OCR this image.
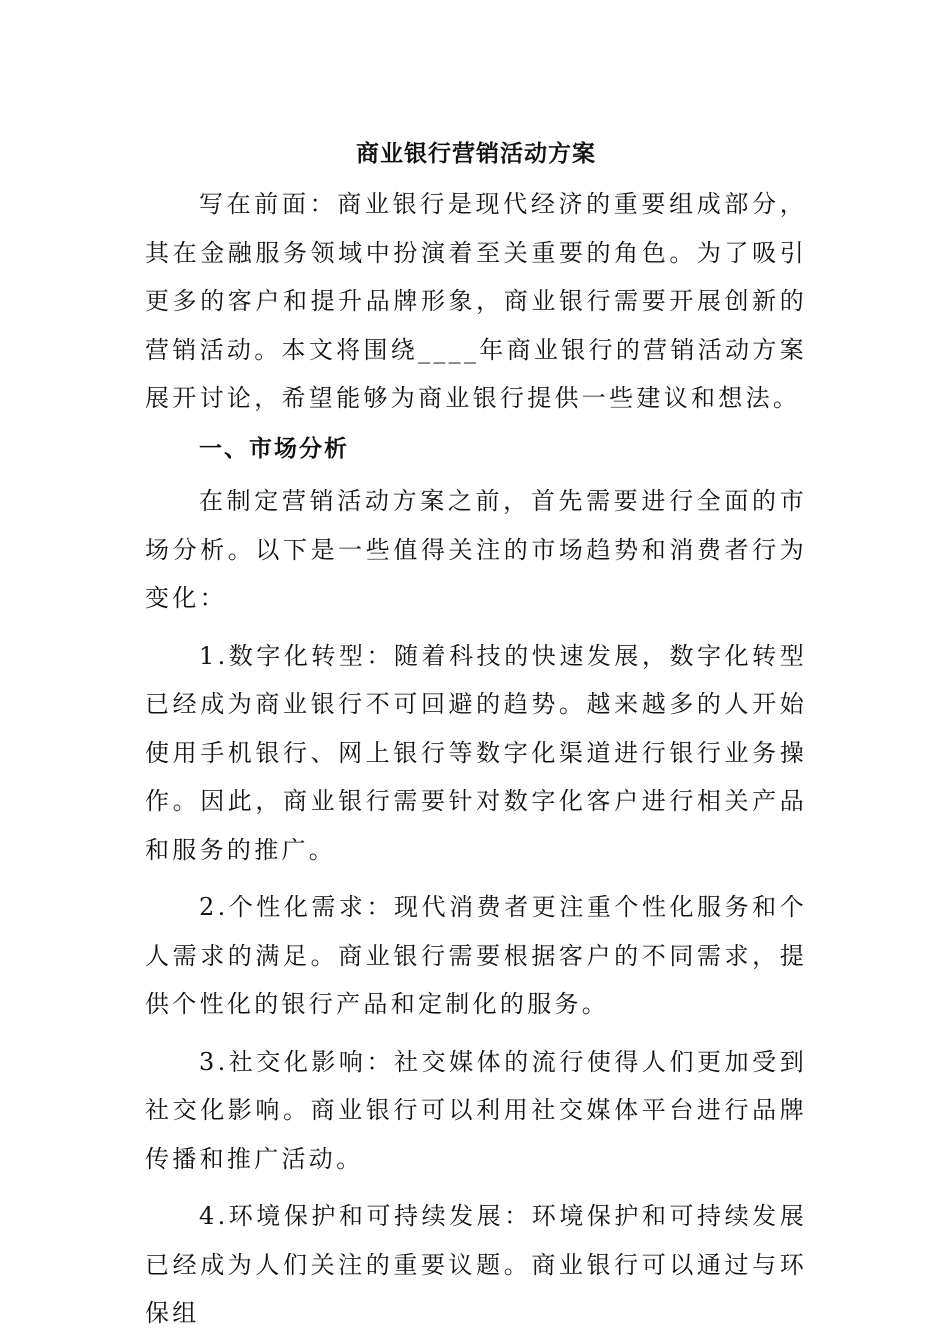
商业银行营销活动方案

写在前面：商业银行是现代经济的重要组成部分，其在金融服务领域中扮演着至关重要的角色。为了吸引更多的客户和提升品牌形象，商业银行需要开展创新的营销活动。本文将围绕____年商业银行的营销活动方案展开讨论，希望能够为商业银行提供一些建议和想法。

一、市场分析

在制定营销活动方案之前，首先需要进行全面的市场分析。以下是一些值得关注的市场趋势和消费者行为变化：

1.数字化转型：随着科技的快速发展，数字化转型已经成为商业银行不可回避的趋势。越来越多的人开始使用手机银行、网上银行等数字化渠道进行银行业务操作。因此，商业银行需要针对数字化客户进行相关产品和服务的推广。

2.个性化需求：现代消费者更注重个性化服务和个人需求的满足。商业银行需要根据客户的不同需求，提供个性化的银行产品和定制化的服务。

3.社交化影响：社交媒体的流行使得人们更加受到社交化影响。商业银行可以利用社交媒体平台进行品牌传播和推广活动。

4.环境保护和可持续发展：环境保护和可持续发展已经成为人们关注的重要议题。商业银行可以通过与环保组
